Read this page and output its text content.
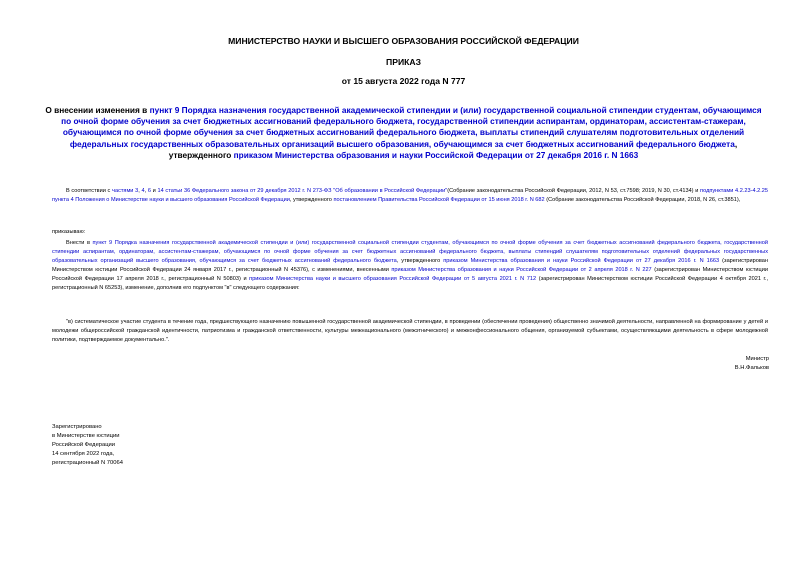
МИНИСТЕРСТВО НАУКИ И ВЫСШЕГО ОБРАЗОВАНИЯ РОССИЙСКОЙ ФЕДЕРАЦИИ
ПРИКАЗ
от 15 августа 2022 года N 777
О внесении изменения в пункт 9 Порядка назначения государственной академической стипендии и (или) государственной социальной стипендии студентам, обучающимся по очной форме обучения за счет бюджетных ассигнований федерального бюджета, государственной стипендии аспирантам, ординаторам, ассистентам-стажерам, обучающимся по очной форме обучения за счет бюджетных ассигнований федерального бюджета, выплаты стипендий слушателям подготовительных отделений федеральных государственных образовательных организаций высшего образования, обучающимся за счет бюджетных ассигнований федерального бюджета, утвержденного приказом Министерства образования и науки Российской Федерации от 27 декабря 2016 г. N 1663
В соответствии с частями 3, 4, 6 и 14 статьи 36 Федерального закона от 29 декабря 2012 г. N 273-ФЗ "Об образовании в Российской Федерации"(Собрание законодательства Российской Федерации, 2012, N 53, ст.7598; 2019, N 30, ст.4134) и подпунктами 4.2.23-4.2.25 пункта 4 Положения о Министерстве науки и высшего образования Российской Федерации, утвержденного постановлением Правительства Российской Федерации от 15 июня 2018 г. N 682 (Собрание законодательства Российской Федерации, 2018, N 26, ст.3851),
приказываю:
Внести в пункт 9 Порядка назначения государственной академической стипендии и (или) государственной социальной стипендии студентам, обучающимся по очной форме обучения за счет бюджетных ассигнований федерального бюджета, государственной стипендии аспирантам, ординаторам, ассистентам-стажерам, обучающимся по очной форме обучения за счет бюджетных ассигнований федерального бюджета, выплаты стипендий слушателям подготовительных отделений федеральных государственных образовательных организаций высшего образования, обучающимся за счет бюджетных ассигнований федерального бюджета, утвержденного приказом Министерства образования и науки Российской Федерации от 27 декабря 2016 г. N 1663 (зарегистрирован Министерством юстиции Российской Федерации 24 января 2017 г., регистрационный N 45376), с изменениями, внесенными приказом Министерства образования и науки Российской Федерации от 2 апреля 2018 г. N 227 (зарегистрирован Министерством юстиции Российской Федерации 17 апреля 2018 г., регистрационный N 50803) и приказом Министерства науки и высшего образования Российской Федерации от 5 августа 2021 г. N 712 (зарегистрирован Министерством юстиции Российской Федерации 4 октября 2021 г., регистрационный N 65253), изменение, дополнив его подпунктом "в" следующего содержания:
"в) систематическое участие студента в течение года, предшествующего назначению повышенной государственной академической стипендии, в проведении (обеспечении проведения) общественно значимой деятельности, направленной на формирование у детей и молодежи общероссийской гражданской идентичности, патриотизма и гражданской ответственности, культуры межнационального (межэтнического) и межконфессионального общения, организуемой субъектами, осуществляющими деятельность в сфере молодежной политики, подтверждаемое документально.".
Министр
В.Н.Фальков
Зарегистрировано
в Министерстве юстиции
Российской Федерации
14 сентября 2022 года,
регистрационный N 70064
